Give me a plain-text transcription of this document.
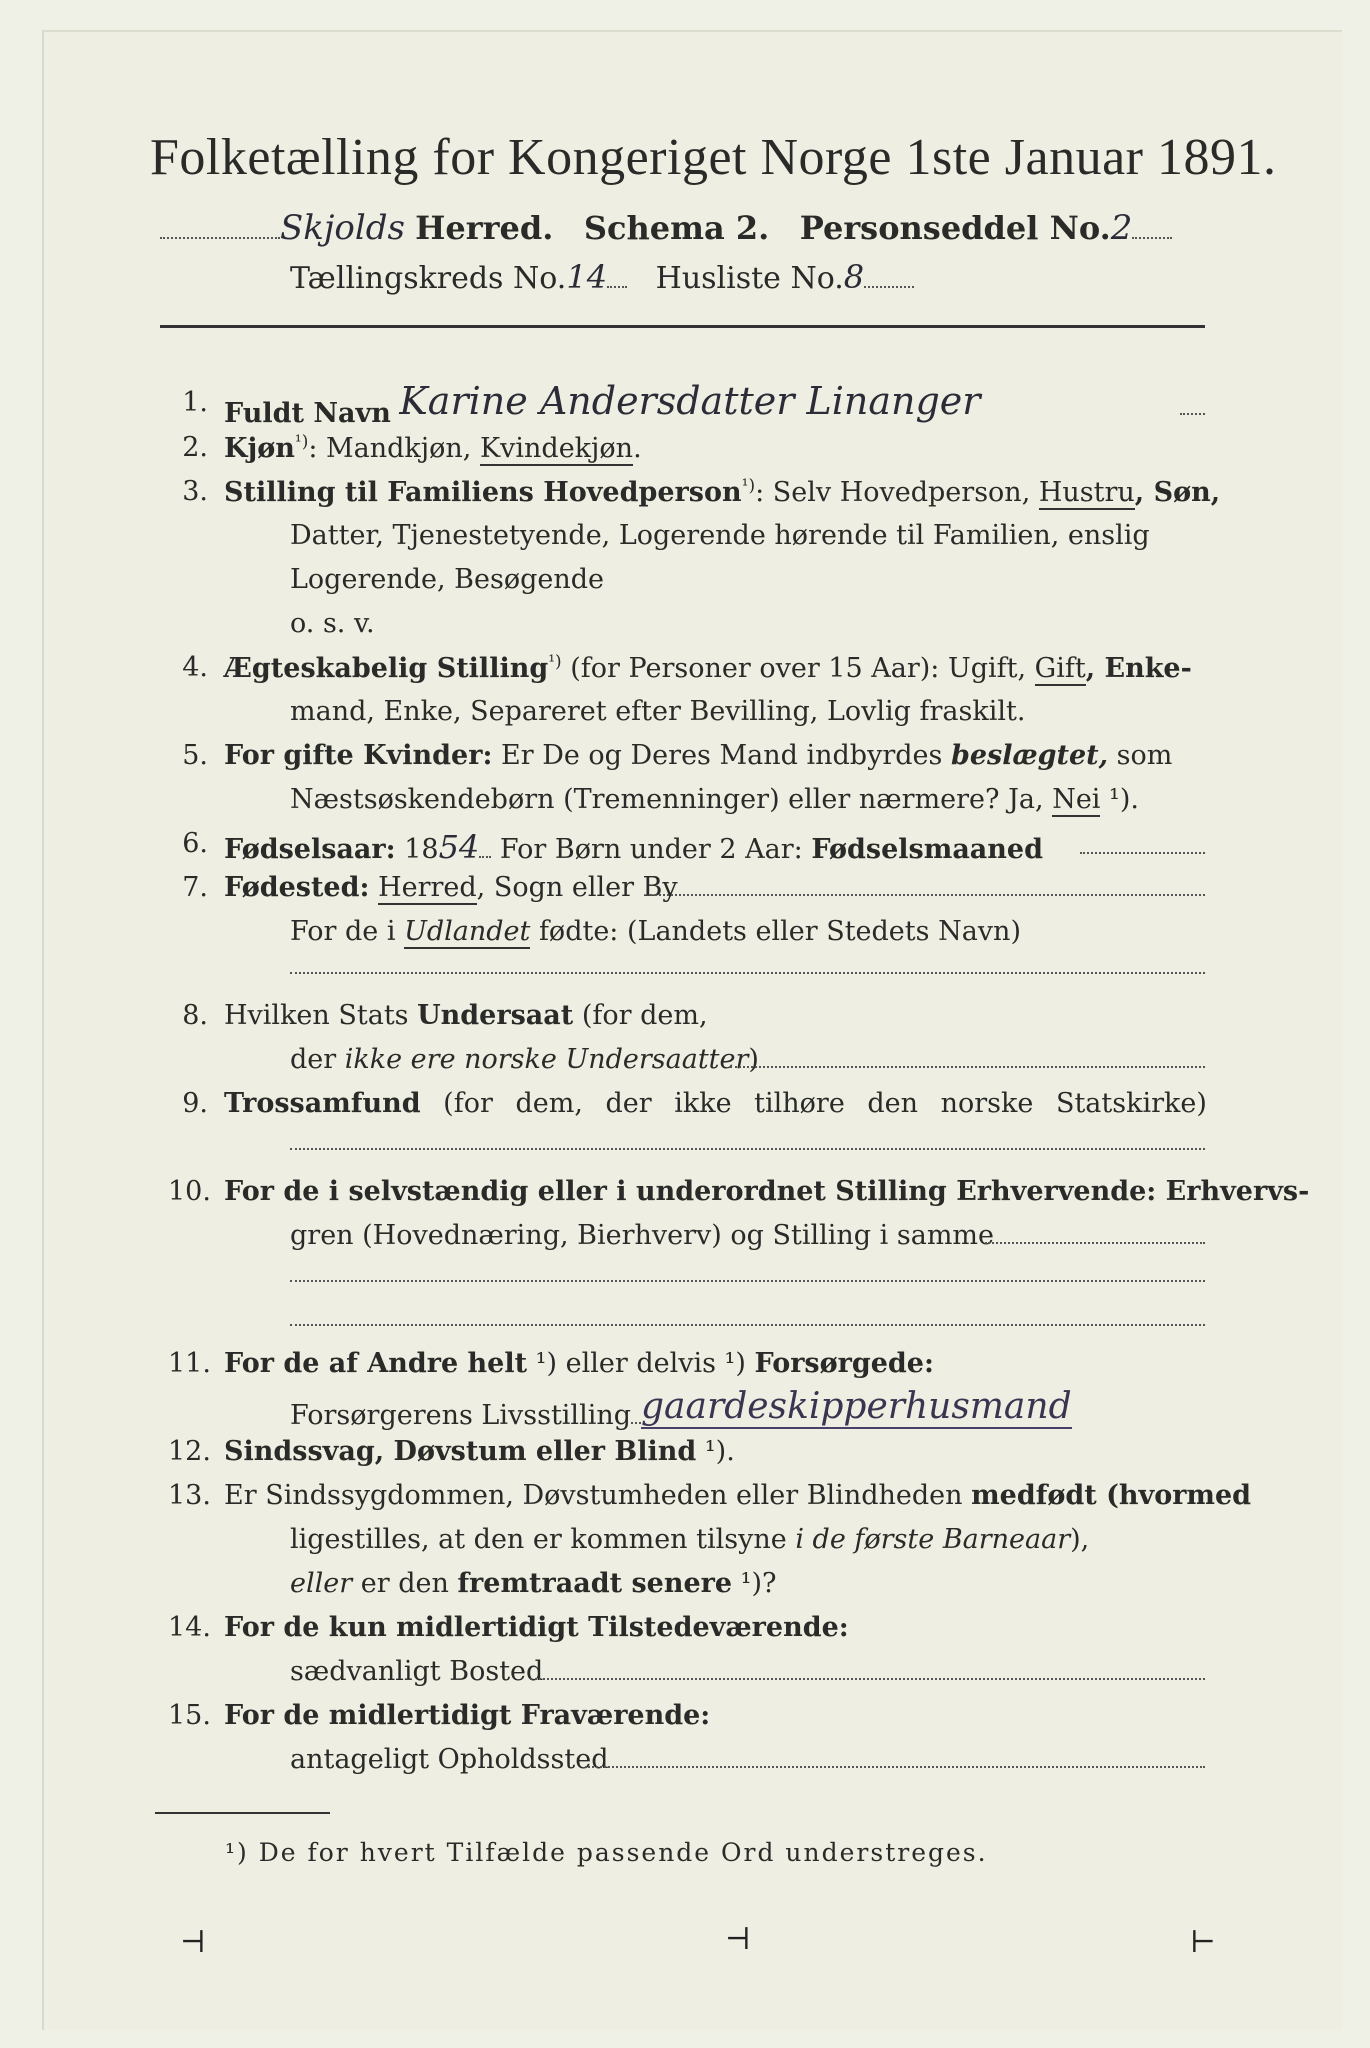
Folketælling for Kongeriget Norge 1ste Januar 1891.
Skjolds Herred. Schema 2. Personseddel No.2
Tællingskreds No.14 Husliste No.8
1. Fuldt Navn Karine Andersdatter Linanger
2. Kjøn$^{^1)}$: Mandkjøn, Kvindekjøn.
3. Stilling til Familiens Hovedperson$^{^1)}$: Selv Hovedperson, Hustru, Søn,
Datter, Tjenestetyende, Logerende hørende til Familien, enslig
Logerende, Besøgende
o. s. v.
4. Ægteskabelig Stilling$^{^1)}$ (for Personer over 15 Aar): Ugift, Gift, Enke-
mand, Enke, Separeret efter Bevilling, Lovlig fraskilt.
5. For gifte Kvinder: Er De og Deres Mand indbyrdes beslægtet, som
Næstsøskendebørn (Tremenninger) eller nærmere? Ja, Nei ¹).
6. Fødselsaar: 1854 For Børn under 2 Aar: Fødselsmaaned
7. Fødested: Herred, Sogn eller By
For de i Udlandet fødte: (Landets eller Stedets Navn)
8. Hvilken Stats Undersaat (for dem,
der ikke ere norske Undersaatter)
9. Trossamfund (for dem, der ikke tilhøre den norske Statskirke)
10. For de i selvstændig eller i underordnet Stilling Erhvervende: Erhvervs-
gren (Hovednæring, Bierhverv) og Stilling i samme
11. For de af Andre helt ¹) eller delvis ¹) Forsørgede:
Forsørgerens Livsstilling gaardeskipperhusmand
12. Sindssvag, Døvstum eller Blind ¹).
13. Er Sindssygdommen, Døvstumheden eller Blindheden medfødt (hvormed
ligestilles, at den er kommen tilsyne i de første Barneaar),
eller er den fremtraadt senere ¹)?
14. For de kun midlertidigt Tilstedeværende:
sædvanligt Bosted
15. For de midlertidigt Fraværende:
antageligt Opholdssted
¹) De for hvert Tilfælde passende Ord understreges.
⊣	⊣	⊢
